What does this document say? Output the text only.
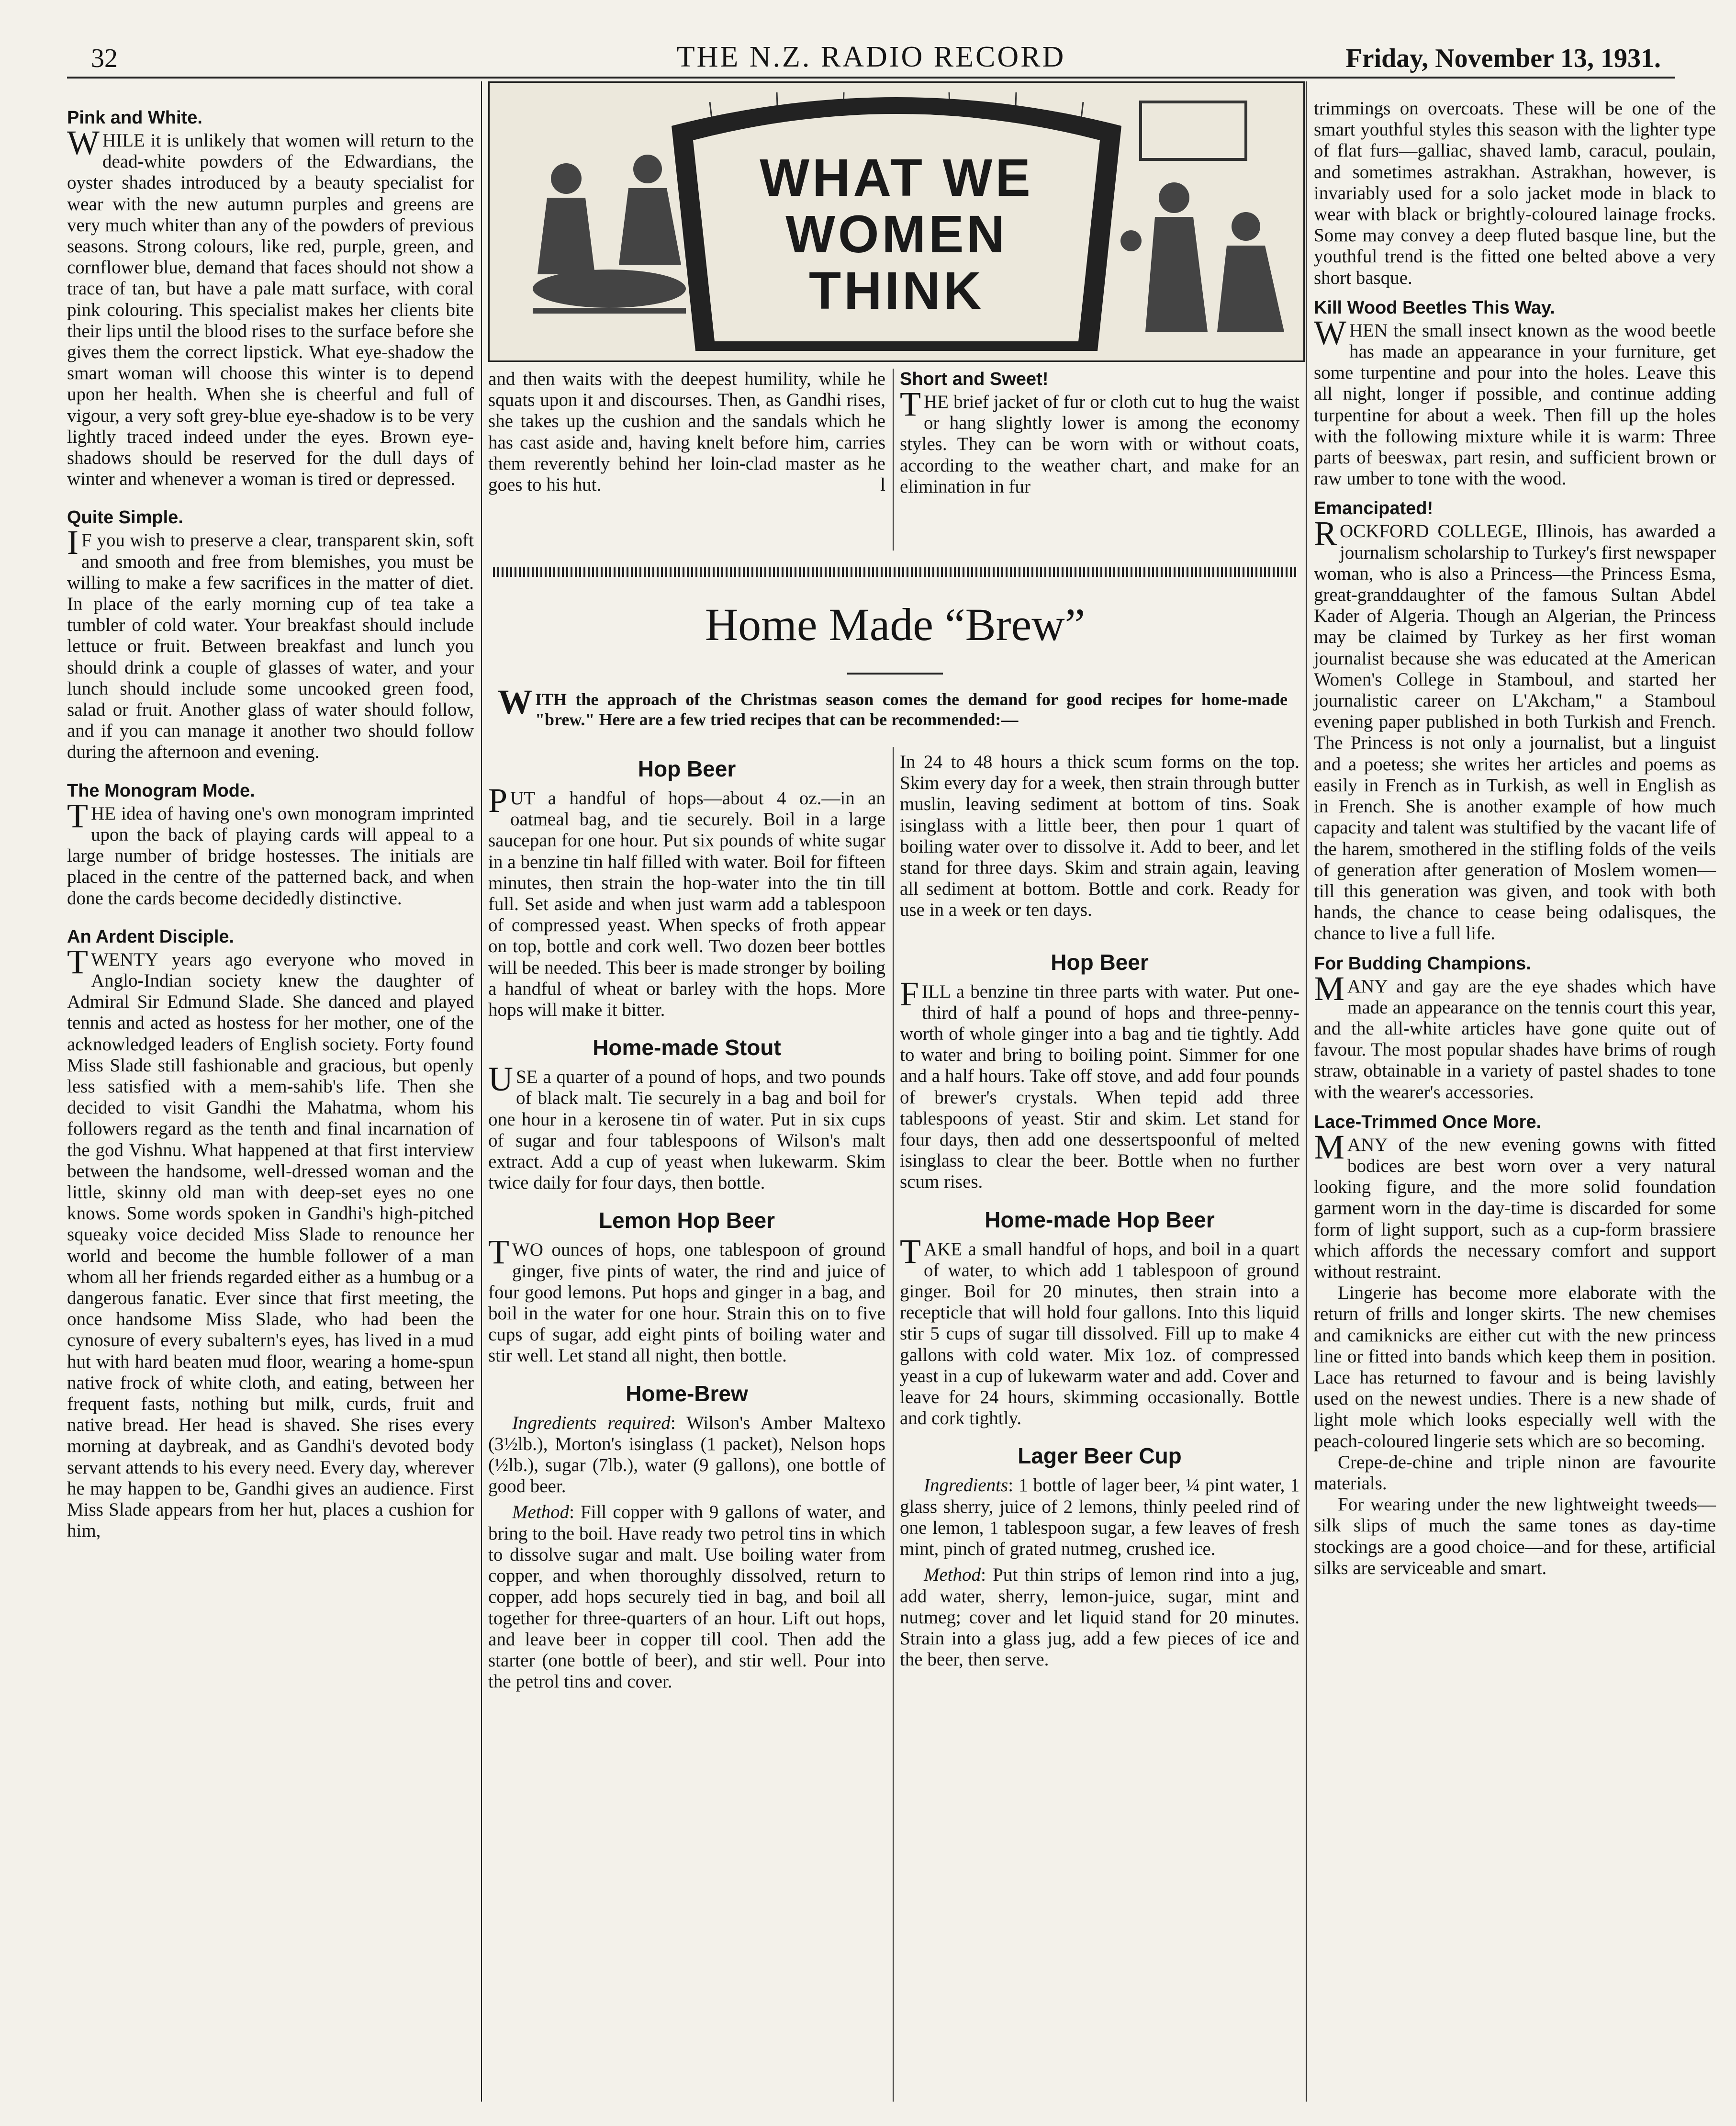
32	THE N.Z. RADIO RECORD	Friday, November 13, 1931.
Pink and White.

WHILE it is unlikely that women will return to the dead-white powders of the Edwardians, the oyster shades introduced by a beauty specialist for wear with the new autumn purples and greens are very much whiter than any of the powders of previous seasons. Strong colours, like red, purple, green, and cornflower blue, demand that faces should not show a trace of tan, but have a pale matt surface, with coral pink colouring. This specialist makes her clients bite their lips until the blood rises to the surface before she gives them the correct lipstick. What eye-shadow the smart woman will choose this winter is to depend upon her health. When she is cheerful and full of vigour, a very soft grey-blue eye-shadow is to be very lightly traced indeed under the eyes. Brown eye-shadows should be reserved for the dull days of winter and whenever a woman is tired or depressed.

Quite Simple.

I F you wish to preserve a clear, transparent skin, soft and smooth and free from blemishes, you must be willing to make a few sacrifices in the matter of diet. In place of the early morning cup of tea take a tumbler of cold water. Your breakfast should include lettuce or fruit. Between breakfast and lunch you should drink a couple of glasses of water, and your lunch should include some uncooked green food, salad or fruit. Another glass of water should follow, and if you can manage it another two should follow during the afternoon and evening.

The Monogram Mode.

THE idea of having one's own monogram imprinted upon the back of playing cards will appeal to a large number of bridge hostesses. The initials are placed in the centre of the patterned back, and when done the cards become decidedly distinctive.

An Ardent Disciple.

TWENTY years ago everyone who moved in Anglo-Indian society knew the daughter of Admiral Sir Edmund Slade. She danced and played tennis and acted as hostess for her mother, one of the acknowledged leaders of English society. Forty found Miss Slade still fashionable and gracious, but openly less satisfied with a mem-sahib's life. Then she decided to visit Gandhi the Mahatma, whom his followers regard as the tenth and final incarnation of the god Vishnu. What happened at that first interview between the handsome, well-dressed woman and the little, skinny old man with deep-set eyes no one knows. Some words spoken in Gandhi's high-pitched squeaky voice decided Miss Slade to renounce her world and become the humble follower of a man whom all her friends regarded either as a humbug or a dangerous fanatic. Ever since that first meeting, the once handsome Miss Slade, who had been the cynosure of every subaltern's eyes, has lived in a mud hut with hard beaten mud floor, wearing a home-spun native frock of white cloth, and eating, between her frequent fasts, nothing but milk, curds, fruit and native bread. Her head is shaved. She rises every morning at daybreak, and as Gandhi's devoted body servant attends to his every need. Every day, wherever he may happen to be, Gandhi gives an audience. First Miss Slade appears from her hut, places a cushion for him,

WHAT WE
WOMEN
THINK

and then waits with the deepest humility, while he squats upon it and discourses. Then, as Gandhi rises, she takes up the cushion and the sandals which he has cast aside and, having knelt before him, carries them reverently behind her loin-clad master as he goes to his hut.	l

Short and Sweet!

THE brief jacket of fur or cloth cut to hug the waist or hang slightly lower is among the economy styles. They can be worn with or without coats, according to the weather chart, and make for an elimination in fur

Home Made “Brew”
WITH the approach of the Christmas season comes the demand for good recipes for home-made "brew." Here are a few tried recipes that can be recommended:—
Hop Beer

PUT a handful of hops—about 4 oz.—in an oatmeal bag, and tie securely. Boil in a large saucepan for one hour. Put six pounds of white sugar in a benzine tin half filled with water. Boil for fifteen minutes, then strain the hop-water into the tin till full. Set aside and when just warm add a tablespoon of compressed yeast. When specks of froth appear on top, bottle and cork well. Two dozen beer bottles will be needed. This beer is made stronger by boiling a handful of wheat or barley with the hops. More hops will make it bitter.

Home-made Stout

USE a quarter of a pound of hops, and two pounds of black malt. Tie securely in a bag and boil for one hour in a kerosene tin of water. Put in six cups of sugar and four tablespoons of Wilson's malt extract. Add a cup of yeast when lukewarm. Skim twice daily for four days, then bottle.

Lemon Hop Beer

TWO ounces of hops, one tablespoon of ground ginger, five pints of water, the rind and juice of four good lemons. Put hops and ginger in a bag, and boil in the water for one hour. Strain this on to five cups of sugar, add eight pints of boiling water and stir well. Let stand all night, then bottle.

Home-Brew

Ingredients required: Wilson's Amber Maltexo (3½lb.), Morton's isinglass (1 packet), Nelson hops (½lb.), sugar (7lb.), water (9 gallons), one bottle of good beer.

Method: Fill copper with 9 gallons of water, and bring to the boil. Have ready two petrol tins in which to dissolve sugar and malt. Use boiling water from copper, and when thoroughly dissolved, return to copper, add hops securely tied in bag, and boil all together for three-quarters of an hour. Lift out hops, and leave beer in copper till cool. Then add the starter (one bottle of beer), and stir well. Pour into the petrol tins and cover.

In 24 to 48 hours a thick scum forms on the top. Skim every day for a week, then strain through butter muslin, leaving sediment at bottom of tins. Soak isinglass with a little beer, then pour 1 quart of boiling water over to dissolve it. Add to beer, and let stand for three days. Skim and strain again, leaving all sediment at bottom. Bottle and cork. Ready for use in a week or ten days.

Hop Beer

FILL a benzine tin three parts with water. Put one-third of half a pound of hops and three-penny-worth of whole ginger into a bag and tie tightly. Add to water and bring to boiling point. Simmer for one and a half hours. Take off stove, and add four pounds of brewer's crystals. When tepid add three tablespoons of yeast. Stir and skim. Let stand for four days, then add one dessertspoonful of melted isinglass to clear the beer. Bottle when no further scum rises.

Home-made Hop Beer

TAKE a small handful of hops, and boil in a quart of water, to which add 1 tablespoon of ground ginger. Boil for 20 minutes, then strain into a recepticle that will hold four gallons. Into this liquid stir 5 cups of sugar till dissolved. Fill up to make 4 gallons with cold water. Mix 1oz. of compressed yeast in a cup of lukewarm water and add. Cover and leave for 24 hours, skimming occasionally. Bottle and cork tightly.

Lager Beer Cup

Ingredients: 1 bottle of lager beer, ¼ pint water, 1 glass sherry, juice of 2 lemons, thinly peeled rind of one lemon, 1 tablespoon sugar, a few leaves of fresh mint, pinch of grated nutmeg, crushed ice.

Method: Put thin strips of lemon rind into a jug, add water, sherry, lemon-juice, sugar, mint and nutmeg; cover and let liquid stand for 20 minutes. Strain into a glass jug, add a few pieces of ice and the beer, then serve.

trimmings on overcoats. These will be one of the smart youthful styles this season with the lighter type of flat furs—galliac, shaved lamb, caracul, poulain, and sometimes astrakhan. Astrakhan, however, is invariably used for a solo jacket mode in black to wear with black or brightly-coloured lainage frocks. Some may convey a deep fluted basque line, but the youthful trend is the fitted one belted above a very short basque.

Kill Wood Beetles This Way.

WHEN the small insect known as the wood beetle has made an appearance in your furniture, get some turpentine and pour into the holes. Leave this all night, longer if possible, and continue adding turpentine for about a week. Then fill up the holes with the following mixture while it is warm: Three parts of beeswax, part resin, and sufficient brown or raw umber to tone with the wood.

Emancipated!

ROCKFORD COLLEGE, Illinois, has awarded a journalism scholarship to Turkey's first newspaper woman, who is also a Princess—the Princess Esma, great-granddaughter of the famous Sultan Abdel Kader of Algeria. Though an Algerian, the Princess may be claimed by Turkey as her first woman journalist because she was educated at the American Women's College in Stamboul, and started her journalistic career on L'Akcham," a Stamboul evening paper published in both Turkish and French. The Princess is not only a journalist, but a linguist and a poetess; she writes her articles and poems as easily in French as in Turkish, as well in English as in French. She is another example of how much capacity and talent was stultified by the vacant life of the harem, smothered in the stifling folds of the veils of generation after generation of Moslem women—till this generation was given, and took with both hands, the chance to cease being odalisques, the chance to live a full life.

For Budding Champions.

MANY and gay are the eye shades which have made an appearance on the tennis court this year, and the all-white articles have gone quite out of favour. The most popular shades have brims of rough straw, obtainable in a variety of pastel shades to tone with the wearer's accessories.

Lace-Trimmed Once More.

MANY of the new evening gowns with fitted bodices are best worn over a very natural looking figure, and the more solid foundation garment worn in the day-time is discarded for some form of light support, such as a cup-form brassiere which affords the necessary comfort and support without restraint.

Lingerie has become more elaborate with the return of frills and longer skirts. The new chemises and camiknicks are either cut with the new princess line or fitted into bands which keep them in position. Lace has returned to favour and is being lavishly used on the newest undies. There is a new shade of light mole which looks especially well with the peach-coloured lingerie sets which are so becoming.

Crepe-de-chine and triple ninon are favourite materials.

For wearing under the new lightweight tweeds—silk slips of much the same tones as day-time stockings are a good choice—and for these, artificial silks are serviceable and smart.
